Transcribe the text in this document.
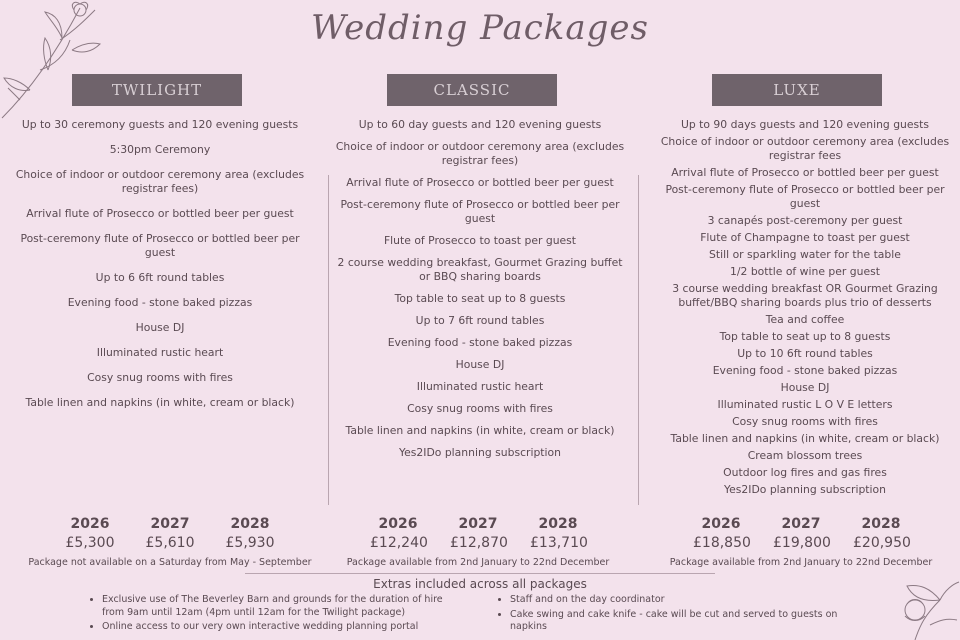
Wedding Packages
TWILIGHT
Up to 30 ceremony guests and 120 evening guests
5:30pm Ceremony
Choice of indoor or outdoor ceremony area (excludes registrar fees)
Arrival flute of Prosecco or bottled beer per guest
Post-ceremony flute of Prosecco or bottled beer per guest
Up to 6 6ft round tables
Evening food - stone baked pizzas
House DJ
Illuminated rustic heart
Cosy snug rooms with fires
Table linen and napkins (in white, cream or black)
CLASSIC
Up to 60 day guests and 120 evening guests
Choice of indoor or outdoor ceremony area (excludes registrar fees)
Arrival flute of Prosecco or bottled beer per guest
Post-ceremony flute of Prosecco or bottled beer per guest
Flute of Prosecco to toast per guest
2 course wedding breakfast, Gourmet Grazing buffet or BBQ sharing boards
Top table to seat up to 8 guests
Up to 7 6ft round tables
Evening food - stone baked pizzas
House DJ
Illuminated rustic heart
Cosy snug rooms with fires
Table linen and napkins (in white, cream or black)
Yes2IDo planning subscription
LUXE
Up to 90 days guests and 120 evening guests
Choice of indoor or outdoor ceremony area (excludes registrar fees
Arrival flute of Prosecco or bottled beer per guest
Post-ceremony flute of Prosecco or bottled beer per guest
3 canapés post-ceremony per guest
Flute of Champagne to toast per guest
Still or sparkling water for the table
1/2 bottle of wine per guest
3 course wedding breakfast OR Gourmet Grazing buffet/BBQ sharing boards plus trio of desserts
Tea and coffee
Top table to seat up to 8 guests
Up to 10 6ft round tables
Evening food - stone baked pizzas
House DJ
Illuminated rustic L O V E letters
Cosy snug rooms with fires
Table linen and napkins (in white, cream or black)
Cream blossom trees
Outdoor log fires and gas fires
Yes2IDo planning subscription
2026	2027	2028
£5,300 £5,610 £5,930
Package not available on a Saturday from May - September
2026	2027	2028
£12,240 £12,870 £13,710
Package available from 2nd January to 22nd December
2026	2027	2028
£18,850 £19,800 £20,950
Package available from 2nd January to 22nd December
Extras included across all packages
• Exclusive use of The Beverley Barn and grounds for the duration of hire from 9am until 12am (4pm until 12am for the Twilight package)
• Online access to our very own interactive wedding planning portal
• Staff and on the day coordinator
• Cake swing and cake knife - cake will be cut and served to guests on napkins
